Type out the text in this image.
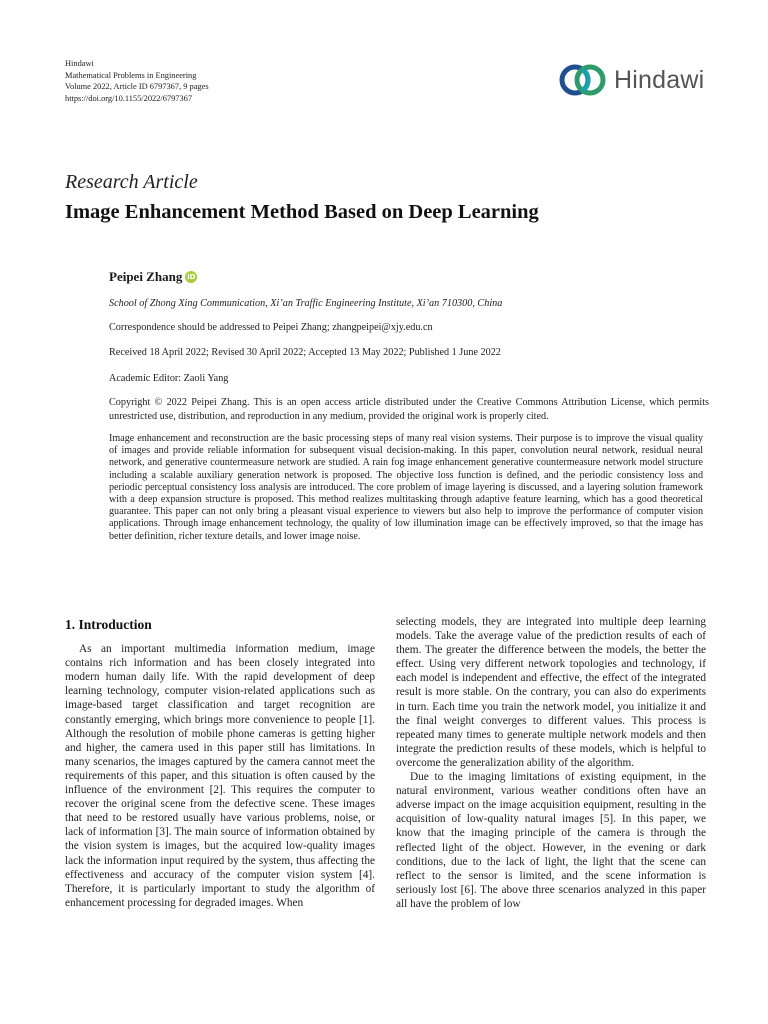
Hindawi
Mathematical Problems in Engineering
Volume 2022, Article ID 6797367, 9 pages
https://doi.org/10.1155/2022/6797367
Hindawi
Research Article
Image Enhancement Method Based on Deep Learning
Peipei Zhang iD
School of Zhong Xing Communication, Xi’an Traffic Engineering Institute, Xi’an 710300, China
Correspondence should be addressed to Peipei Zhang; zhangpeipei@xjy.edu.cn
Received 18 April 2022; Revised 30 April 2022; Accepted 13 May 2022; Published 1 June 2022
Academic Editor: Zaoli Yang
Copyright © 2022 Peipei Zhang. This is an open access article distributed under the Creative Commons Attribution License, which permits unrestricted use, distribution, and reproduction in any medium, provided the original work is properly cited.
Image enhancement and reconstruction are the basic processing steps of many real vision systems. Their purpose is to improve the visual quality of images and provide reliable information for subsequent visual decision-making. In this paper, convolution neural network, residual neural network, and generative countermeasure network are studied. A rain fog image enhancement generative countermeasure network model structure including a scalable auxiliary generation network is proposed. The objective loss function is defined, and the periodic consistency loss and periodic perceptual consistency loss analysis are introduced. The core problem of image layering is discussed, and a layering solution framework with a deep expansion structure is proposed. This method realizes multitasking through adaptive feature learning, which has a good theoretical guarantee. This paper can not only bring a pleasant visual experience to viewers but also help to improve the performance of computer vision applications. Through image enhancement technology, the quality of low illumination image can be effectively improved, so that the image has better definition, richer texture details, and lower image noise.
1. Introduction

As an important multimedia information medium, image contains rich information and has been closely integrated into modern human daily life. With the rapid development of deep learning technology, computer vision-related applications such as image-based target classification and target recognition are constantly emerging, which brings more convenience to people [1]. Although the resolution of mobile phone cameras is getting higher and higher, the camera used in this paper still has limitations. In many scenarios, the images captured by the camera cannot meet the requirements of this paper, and this situation is often caused by the influence of the environment [2]. This requires the computer to recover the original scene from the defective scene. These images that need to be restored usually have various problems, noise, or lack of information [3]. The main source of information obtained by the vision system is images, but the acquired low-quality images lack the information input required by the system, thus affecting the effectiveness and accuracy of the computer vision system [4]. Therefore, it is particularly important to study the algorithm of enhancement processing for degraded images. When

selecting models, they are integrated into multiple deep learning models. Take the average value of the prediction results of each of them. The greater the difference between the models, the better the effect. Using very different network topologies and technology, if each model is independent and effective, the effect of the integrated result is more stable. On the contrary, you can also do experiments in turn. Each time you train the network model, you initialize it and the final weight converges to different values. This process is repeated many times to generate multiple network models and then integrate the prediction results of these models, which is helpful to overcome the generalization ability of the algorithm.

Due to the imaging limitations of existing equipment, in the natural environment, various weather conditions often have an adverse impact on the image acquisition equipment, resulting in the acquisition of low-quality natural images [5]. In this paper, we know that the imaging principle of the camera is through the reflected light of the object. However, in the evening or dark conditions, due to the lack of light, the light that the scene can reflect to the sensor is limited, and the scene information is seriously lost [6]. The above three scenarios analyzed in this paper all have the problem of low
